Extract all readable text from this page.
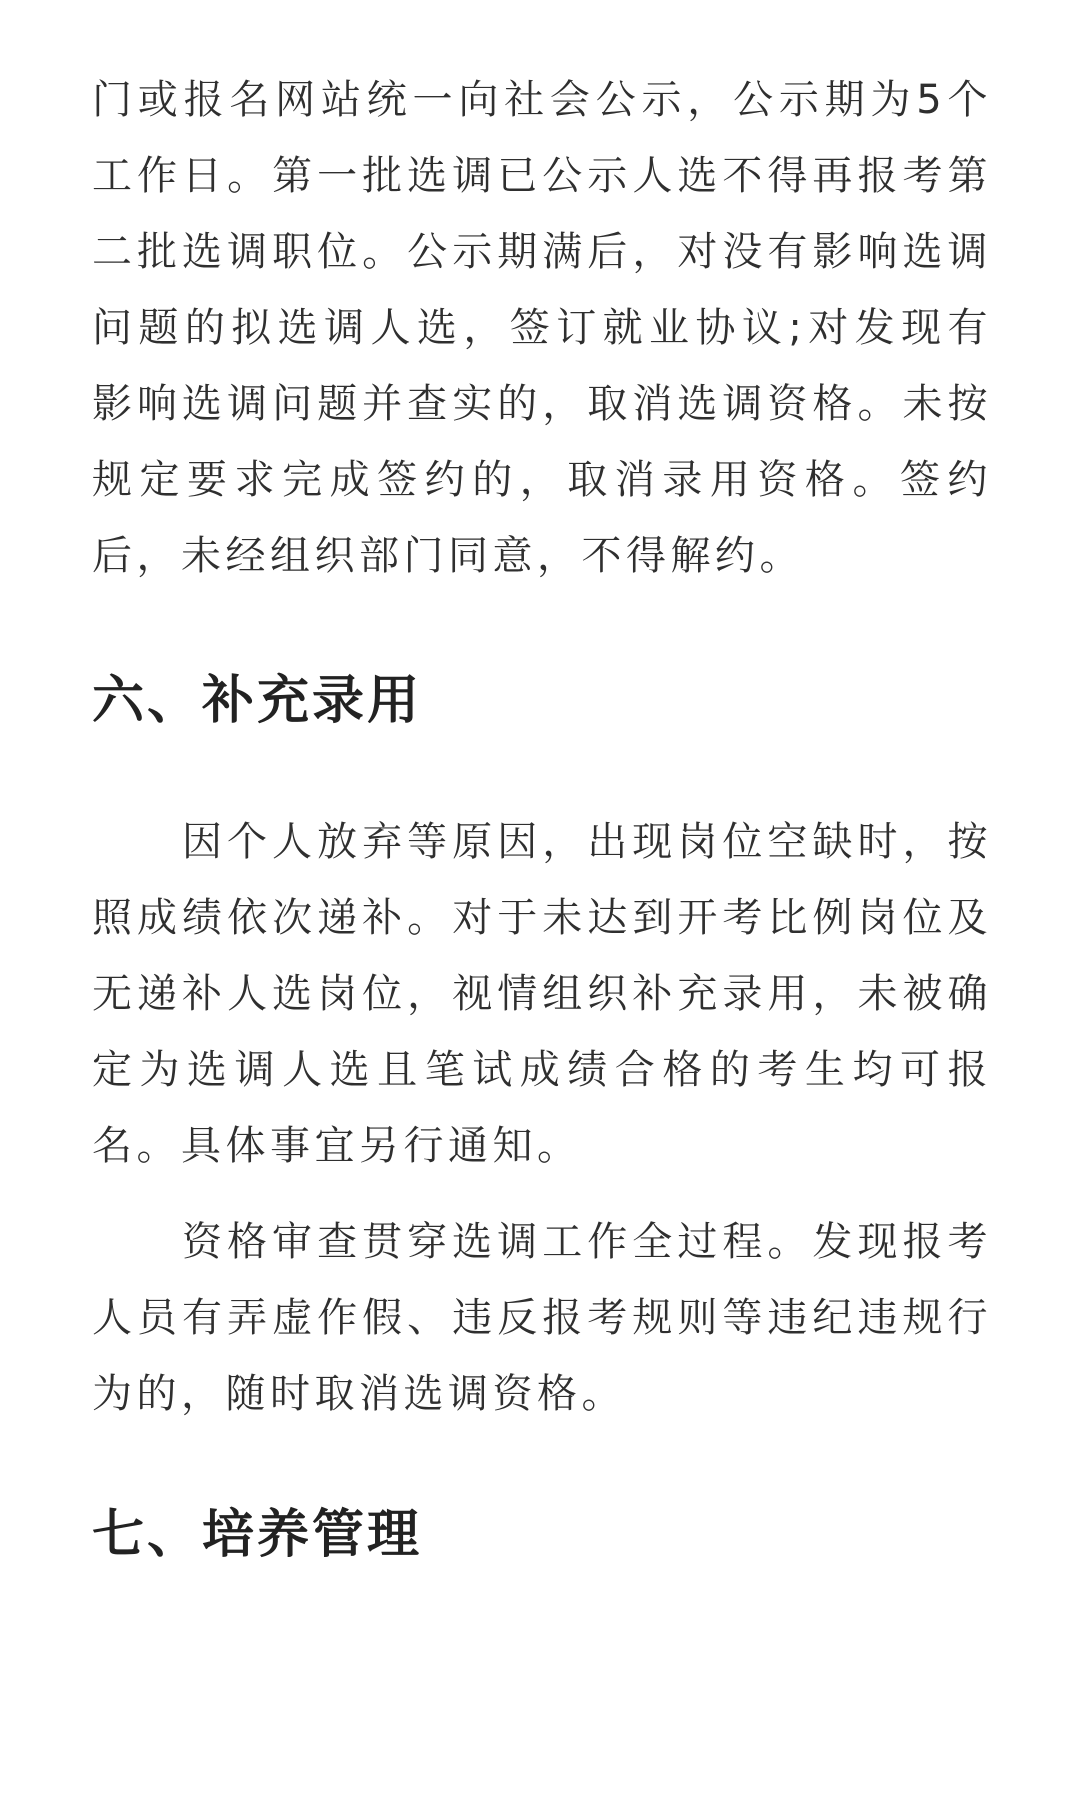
门或报名网站统一向社会公示，公示期为5个工作日。第一批选调已公示人选不得再报考第二批选调职位。公示期满后，对没有影响选调问题的拟选调人选，签订就业协议;对发现有影响选调问题并查实的，取消选调资格。未按规定要求完成签约的，取消录用资格。签约后，未经组织部门同意，不得解约。

六、补充录用

因个人放弃等原因，出现岗位空缺时，按照成绩依次递补。对于未达到开考比例岗位及无递补人选岗位，视情组织补充录用，未被确定为选调人选且笔试成绩合格的考生均可报名。具体事宜另行通知。

资格审查贯穿选调工作全过程。发现报考人员有弄虚作假、违反报考规则等违纪违规行为的，随时取消选调资格。

七、培养管理
